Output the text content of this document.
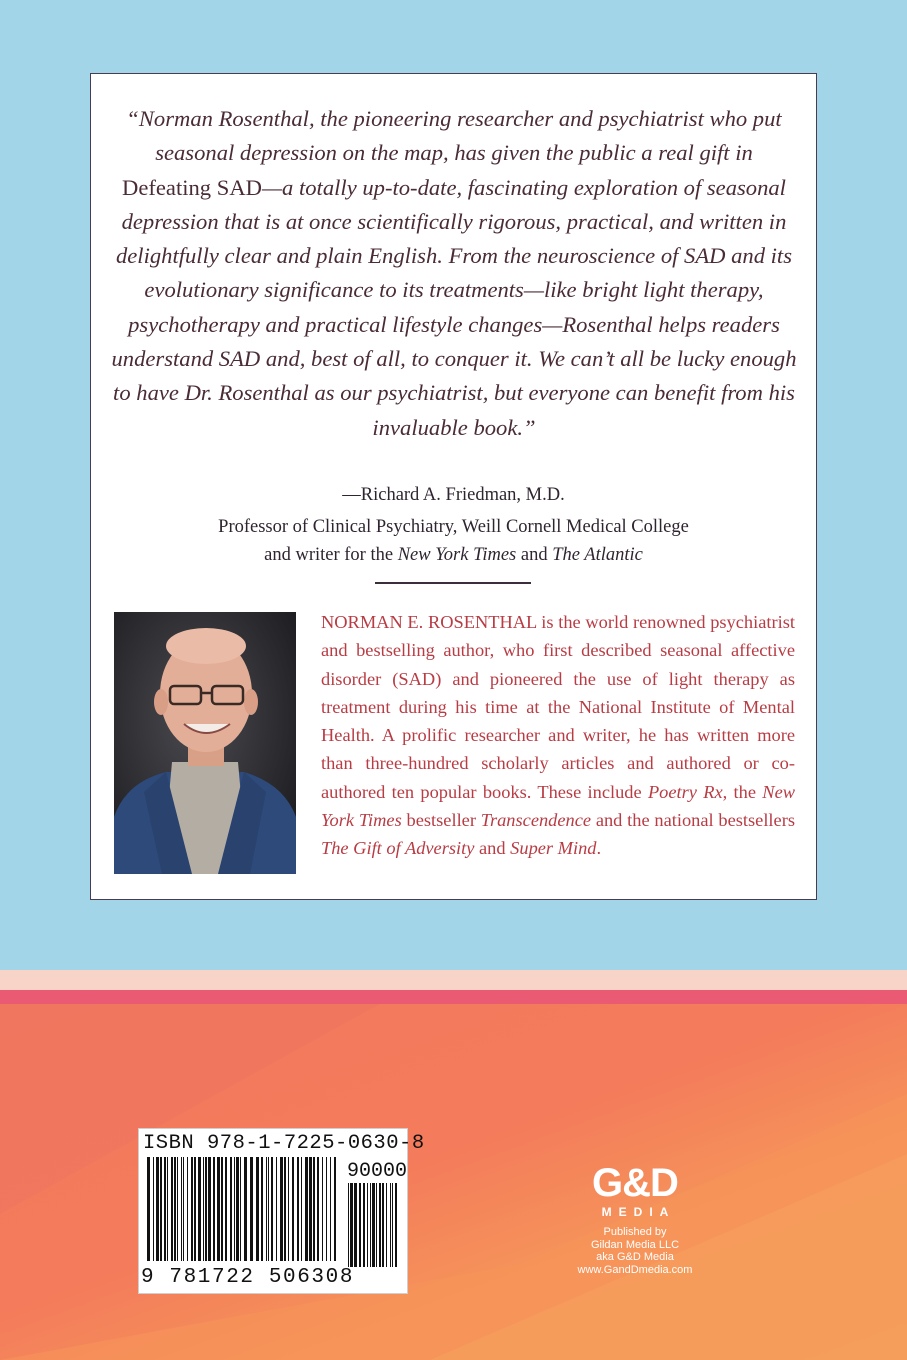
“Norman Rosenthal, the pioneering researcher and psychiatrist who put seasonal depression on the map, has given the public a real gift in Defeating SAD—a totally up-to-date, fascinating exploration of seasonal depression that is at once scientifically rigorous, practical, and written in delightfully clear and plain English. From the neuroscience of SAD and its evolutionary significance to its treatments—like bright light therapy, psychotherapy and practical lifestyle changes—Rosenthal helps readers understand SAD and, best of all, to conquer it. We can’t all be lucky enough to have Dr. Rosenthal as our psychiatrist, but everyone can benefit from his invaluable book.”

—Richard A. Friedman, M.D.
Professor of Clinical Psychiatry, Weill Cornell Medical College
and writer for the New York Times and The Atlantic

NORMAN E. ROSENTHAL is the world renowned psychiatrist and bestselling author, who first described seasonal affective disorder (SAD) and pioneered the use of light therapy as treatment during his time at the National Institute of Mental Health. A prolific researcher and writer, he has written more than three-hundred scholarly articles and authored or co-authored ten popular books. These include Poetry Rx, the New York Times bestseller Transcendence and the national bestsellers The Gift of Adversity and Super Mind.

ISBN 978-1-7225-0630-8
90000
9 781722 506308
G&D
MEDIA
Published by
Gildan Media LLC
aka G&D Media
www.GandDmedia.com
